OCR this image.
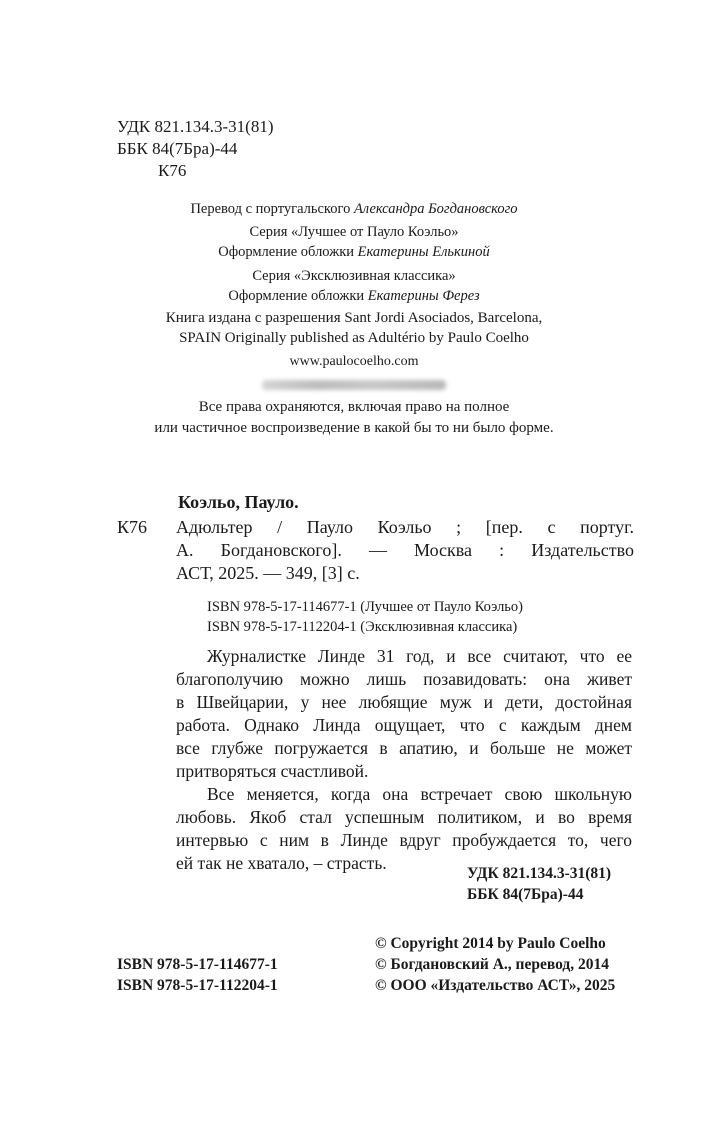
УДК 821.134.3-31(81)
ББК 84(7Бра)-44
К76
Перевод с португальского Александра Богдановского
Серия «Лучшее от Пауло Коэльо»
Оформление обложки Екатерины Елькиной
Серия «Эксклюзивная классика»
Оформление обложки Екатерины Ферез
Книга издана с разрешения Sant Jordi Asociados, Barcelona,
SPAIN Originally published as Adultério by Paulo Coelho
www.paulocoelho.com
Все права охраняются, включая право на полное
или частичное воспроизведение в какой бы то ни было форме.
Коэльо, Пауло.
К76 Адюльтер / Пауло Коэльо ; [пер. с португ.
А. Богдановского]. — Москва : Издательство
АСТ, 2025. — 349, [3] с.
ISBN 978-5-17-114677-1 (Лучшее от Пауло Коэльо)
ISBN 978-5-17-112204-1 (Эксклюзивная классика)
Журналистке Линде 31 год, и все считают, что ее
благополучию можно лишь позавидовать: она живет
в Швейцарии, у нее любящие муж и дети, достойная
работа. Однако Линда ощущает, что с каждым днем
все глубже погружается в апатию, и больше не может
притворяться счастливой.
Все меняется, когда она встречает свою школьную
любовь. Якоб стал успешным политиком, и во время
интервью с ним в Линде вдруг пробуждается то, чего
ей так не хватало, – страсть.
УДК 821.134.3-31(81)
ББК 84(7Бра)-44
© Copyright 2014 by Paulo Coelho
ISBN 978-5-17-114677-1	© Богдановский А., перевод, 2014
ISBN 978-5-17-112204-1	© ООО «Издательство АСТ», 2025
